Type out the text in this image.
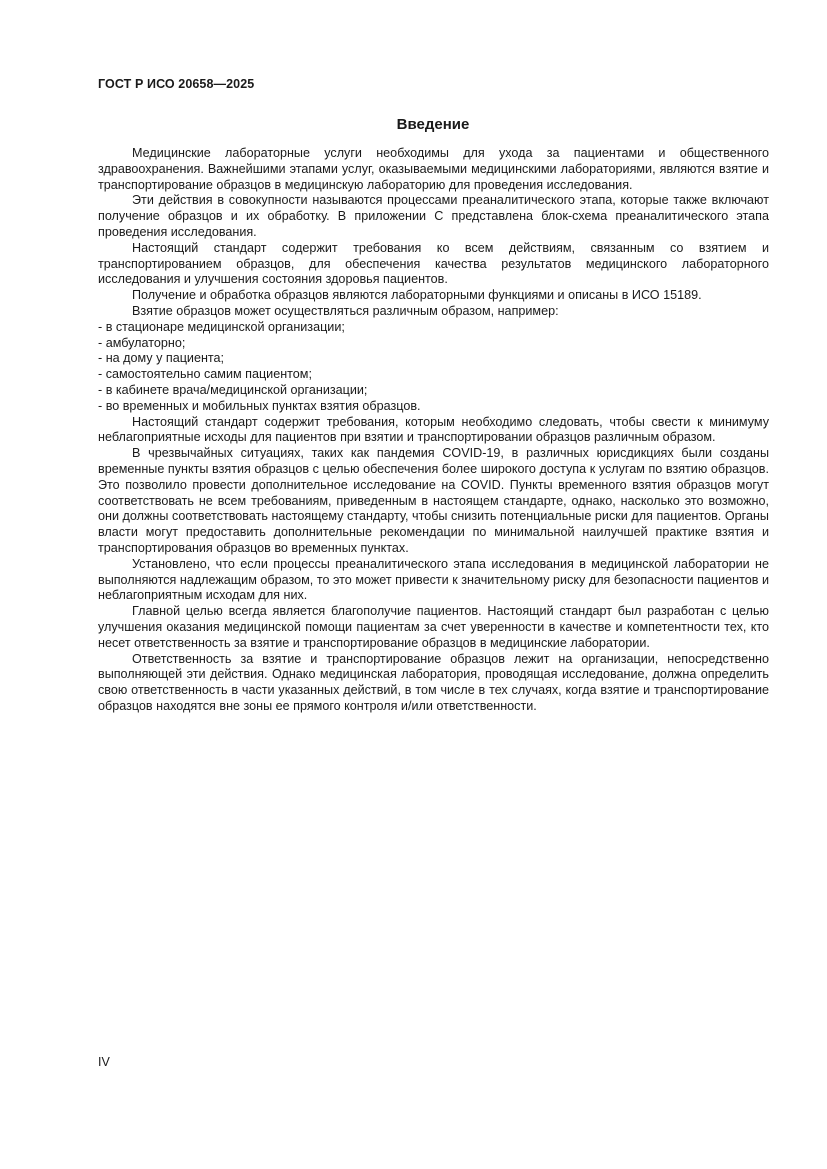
ГОСТ Р ИСО 20658—2025
Введение

Медицинские лабораторные услуги необходимы для ухода за пациентами и общественного здравоохранения. Важнейшими этапами услуг, оказываемыми медицинскими лабораториями, являются взятие и транспортирование образцов в медицинскую лабораторию для проведения исследования.

Эти действия в совокупности называются процессами преаналитического этапа, которые также включают получение образцов и их обработку. В приложении С представлена блок-схема преаналитического этапа проведения исследования.

Настоящий стандарт содержит требования ко всем действиям, связанным со взятием и транспортированием образцов, для обеспечения качества результатов медицинского лабораторного исследования и улучшения состояния здоровья пациентов.

Получение и обработка образцов являются лабораторными функциями и описаны в ИСО 15189.

Взятие образцов может осуществляться различным образом, например:

- в стационаре медицинской организации;

- амбулаторно;

- на дому у пациента;

- самостоятельно самим пациентом;

- в кабинете врача/медицинской организации;

- во временных и мобильных пунктах взятия образцов.

Настоящий стандарт содержит требования, которым необходимо следовать, чтобы свести к минимуму неблагоприятные исходы для пациентов при взятии и транспортировании образцов различным образом.

В чрезвычайных ситуациях, таких как пандемия COVID-19, в различных юрисдикциях были созданы временные пункты взятия образцов с целью обеспечения более широкого доступа к услугам по взятию образцов. Это позволило провести дополнительное исследование на COVID. Пункты временного взятия образцов могут соответствовать не всем требованиям, приведенным в настоящем стандарте, однако, насколько это возможно, они должны соответствовать настоящему стандарту, чтобы снизить потенциальные риски для пациентов. Органы власти могут предоставить дополнительные рекомендации по минимальной наилучшей практике взятия и транспортирования образцов во временных пунктах.

Установлено, что если процессы преаналитического этапа исследования в медицинской лаборатории не выполняются надлежащим образом, то это может привести к значительному риску для безопасности пациентов и неблагоприятным исходам для них.

Главной целью всегда является благополучие пациентов. Настоящий стандарт был разработан с целью улучшения оказания медицинской помощи пациентам за счет уверенности в качестве и компетентности тех, кто несет ответственность за взятие и транспортирование образцов в медицинские лаборатории.

Ответственность за взятие и транспортирование образцов лежит на организации, непосредственно выполняющей эти действия. Однако медицинская лаборатория, проводящая исследование, должна определить свою ответственность в части указанных действий, в том числе в тех случаях, когда взятие и транспортирование образцов находятся вне зоны ее прямого контроля и/или ответственности.

IV
